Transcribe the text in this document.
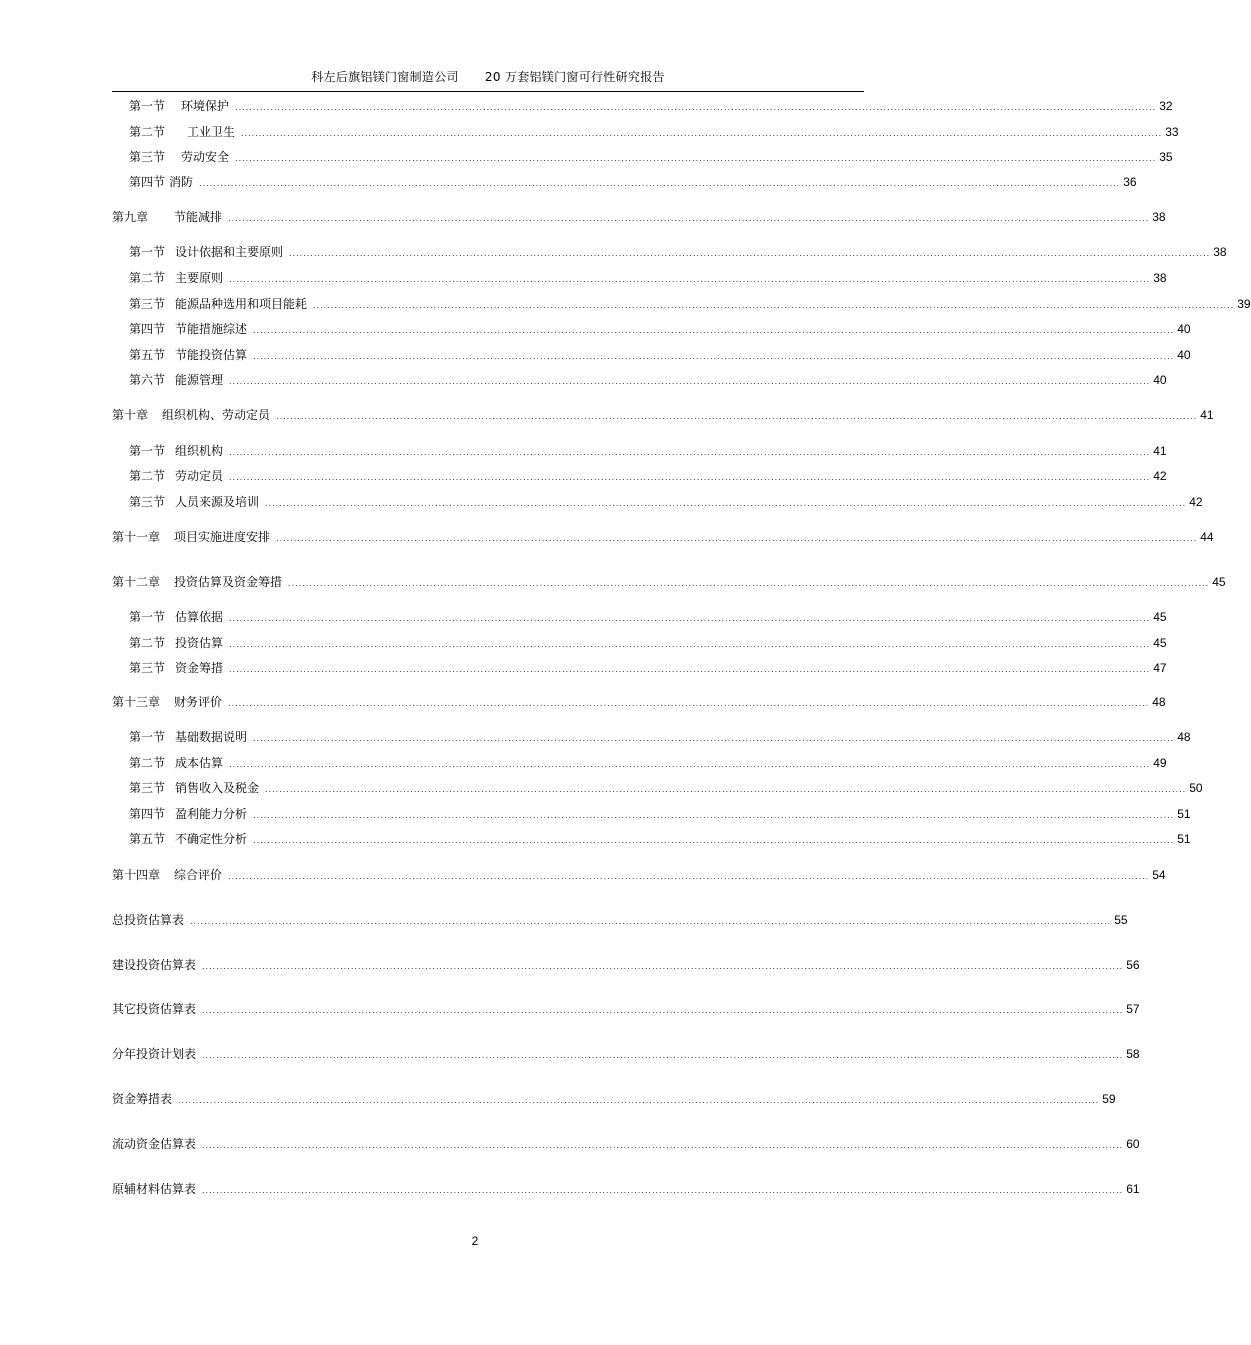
科左后旗铝镁门窗制造公司 20 万套铝镁门窗可行性研究报告
第一节 环境保护 .................................................................................................................................................................................................................................................................... 32
第二节 工业卫生 .................................................................................................................................................................................................................................................................... 33
第三节 劳动安全 .................................................................................................................................................................................................................................................................... 35
第四节 消防 .................................................................................................................................................................................................................................................................... 36
第九章 节能减排 .................................................................................................................................................................................................................................................................... 38
第一节 设计依据和主要原则 .................................................................................................................................................................................................................................................................... 38
第二节 主要原则 .................................................................................................................................................................................................................................................................... 38
第三节 能源品种选用和项目能耗 .................................................................................................................................................................................................................................................................... 39
第四节 节能措施综述 .................................................................................................................................................................................................................................................................... 40
第五节 节能投资估算 .................................................................................................................................................................................................................................................................... 40
第六节 能源管理 .................................................................................................................................................................................................................................................................... 40
第十章 组织机构、劳动定员 .................................................................................................................................................................................................................................................................... 41
第一节 组织机构 .................................................................................................................................................................................................................................................................... 41
第二节 劳动定员 .................................................................................................................................................................................................................................................................... 42
第三节 人员来源及培训 .................................................................................................................................................................................................................................................................... 42
第十一章 项目实施进度安排 .................................................................................................................................................................................................................................................................... 44
第十二章 投资估算及资金筹措 .................................................................................................................................................................................................................................................................... 45
第一节 估算依据 .................................................................................................................................................................................................................................................................... 45
第二节 投资估算 .................................................................................................................................................................................................................................................................... 45
第三节 资金筹措 .................................................................................................................................................................................................................................................................... 47
第十三章 财务评价 .................................................................................................................................................................................................................................................................... 48
第一节 基础数据说明 .................................................................................................................................................................................................................................................................... 48
第二节 成本估算 .................................................................................................................................................................................................................................................................... 49
第三节 销售收入及税金 .................................................................................................................................................................................................................................................................... 50
第四节 盈利能力分析 .................................................................................................................................................................................................................................................................... 51
第五节 不确定性分析 .................................................................................................................................................................................................................................................................... 51
第十四章 综合评价 .................................................................................................................................................................................................................................................................... 54
总投资估算表 .................................................................................................................................................................................................................................................................... 55
建设投资估算表 .................................................................................................................................................................................................................................................................... 56
其它投资估算表 .................................................................................................................................................................................................................................................................... 57
分年投资计划表 .................................................................................................................................................................................................................................................................... 58
资金筹措表 .................................................................................................................................................................................................................................................................... 59
流动资金估算表 .................................................................................................................................................................................................................................................................... 60
原辅材料估算表 .................................................................................................................................................................................................................................................................... 61
2
